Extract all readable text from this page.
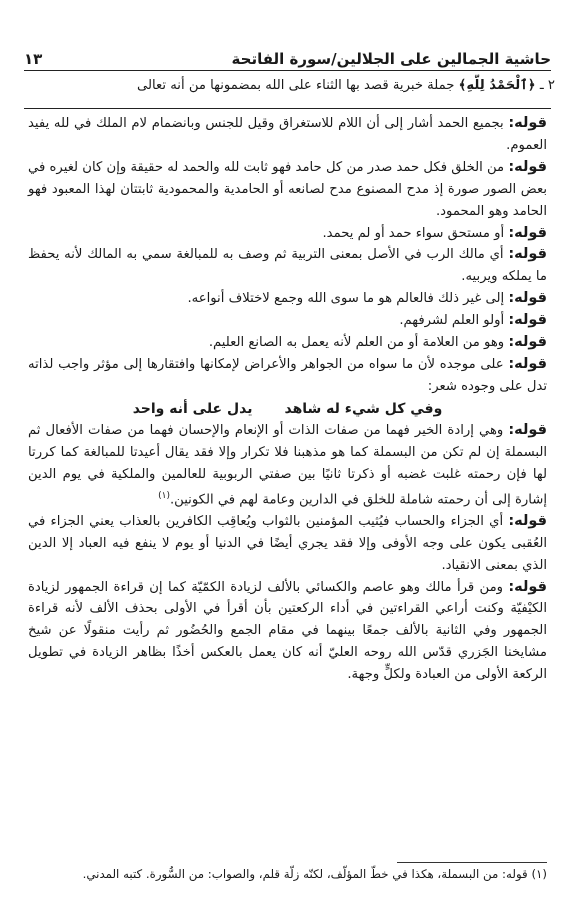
حاشية الجمالين على الجلالين/سورة الفاتحة
١٣
٢ ـ ﴿ٱلْحَمْدُ لِلَّهِ﴾ جملة خبرية قصد بها الثناء على الله بمضمونها من أنه تعالى

قوله: بجميع الحمد أشار إلى أن اللام للاستغراق وقيل للجنس وبانضمام لام الملك في لله يفيد العموم.

قوله: من الخلق فكل حمد صدر من كل حامد فهو ثابت لله والحمد له حقيقة وإن كان لغيره في بعض الصور صورة إذ مدح المصنوع مدح لصانعه أو الحامدية والمحمودية ثابتتان لهذا المعبود فهو الحامد وهو المحمود.

قوله: أو مستحق سواء حمد أو لم يحمد.

قوله: أي مالك الرب في الأصل بمعنى التربية ثم وصف به للمبالغة سمي به المالك لأنه يحفظ ما يملكه ويربيه.

قوله: إلى غير ذلك فالعالم هو ما سوى الله وجمع لاختلاف أنواعه.

قوله: أولو العلم لشرفهم.

قوله: وهو من العلامة أو من العلم لأنه يعمل به الصانع العليم.

قوله: على موجده لأن ما سواه من الجواهر والأعراض لإمكانها وافتقارها إلى مؤثر واجب لذاته تدل على وجوده شعر:

وفي كل شيء له شاهد
يدل على أنه واحد

قوله: وهي إرادة الخير فهما من صفات الذات أو الإنعام والإحسان فهما من صفات الأفعال ثم البسملة إن لم تكن من البسملة كما هو مذهبنا فلا تكرار وإلا فقد يقال أعيدتا للمبالغة كما كررتا لها فإن رحمته غلبت غضبه أو ذكرتا ثانيًا بين صفتي الربوبية للعالمين والملكية في يوم الدين إشارة إلى أن رحمته شاملة للخلق في الدارين وعامة لهم في الكونين.$^{(١)}$

قوله: أي الجزاء والحساب فيُثيب المؤمنين بالثواب ويُعاقِب الكافرين بالعذاب يعني الجزاء في العُقبى يكون على وجه الأوفى وإلا فقد يجري أيضًا في الدنيا أو يوم لا ينفع فيه العباد إلا الدين الذي بمعنى الانقياد.

قوله: ومن قرأ مالك وهو عاصم والكسائي بالألف لزيادة الكمّيّة كما إن قراءة الجمهور لزيادة الكيْفيّة وكنت أراعي القراءتين في أداء الركعتين بأن أقرأ في الأولى بحذف الألف لأنه قراءة الجمهور وفي الثانية بالألف جمعًا بينهما في مقام الجمع والحُضُور ثم رأيت منقولًا عن شيخ مشايخنا الجَزري قدّس الله روحه العليّ أنه كان يعمل بالعكس أخذًا بظاهر الزيادة في تطويل الركعة الأولى من العبادة ولكلٍّ وجهة.

(١) قوله: من البسملة، هكذا في خطّ المؤلّف، لكنّه زلّة قلم، والصواب: من السُّورة. كتبه المدني.
